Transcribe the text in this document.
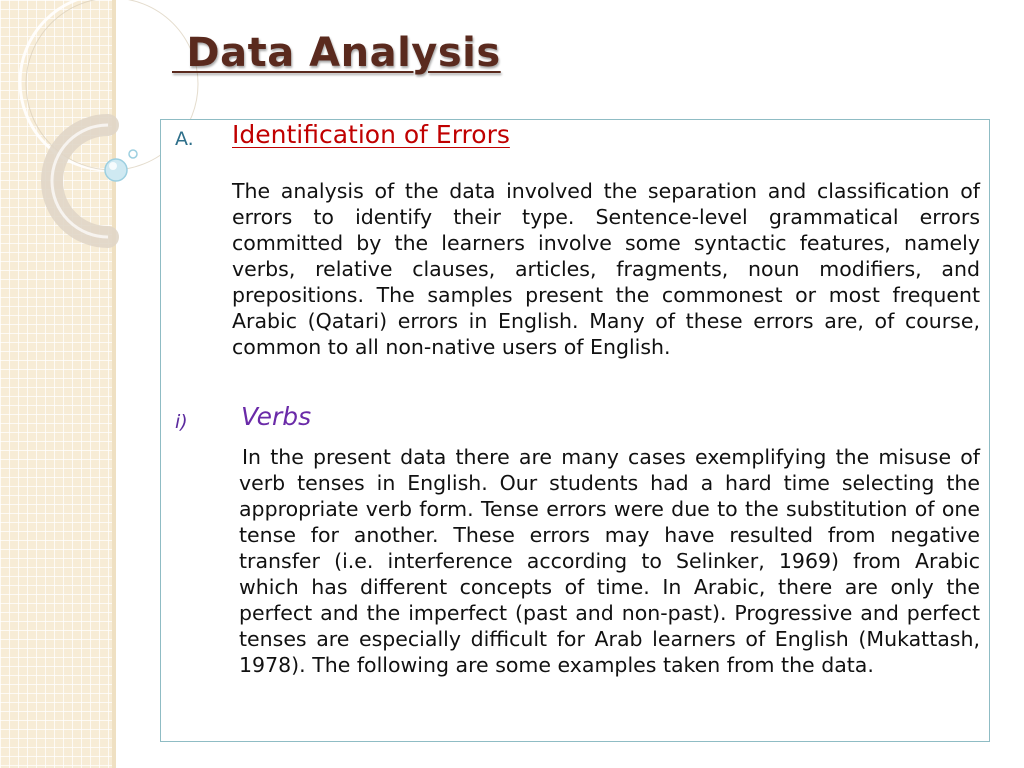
Data Analysis
A. Identification of Errors

The analysis of the data involved the separation and classification of errors to identify their type. Sentence-level grammatical errors committed by the learners involve some syntactic features, namely verbs, relative clauses, articles, fragments, noun modifiers, and prepositions. The samples present the commonest or most frequent Arabic (Qatari) errors in English. Many of these errors are, of course, common to all non-native users of English.

i) Verbs

In the present data there are many cases exemplifying the misuse of verb tenses in English. Our students had a hard time selecting the appropriate verb form. Tense errors were due to the substitution of one tense for another. These errors may have resulted from negative transfer (i.e. interference according to Selinker, 1969) from Arabic which has different concepts of time. In Arabic, there are only the perfect and the imperfect (past and non-past). Progressive and perfect tenses are especially difficult for Arab learners of English (Mukattash, 1978). The following are some examples taken from the data.
